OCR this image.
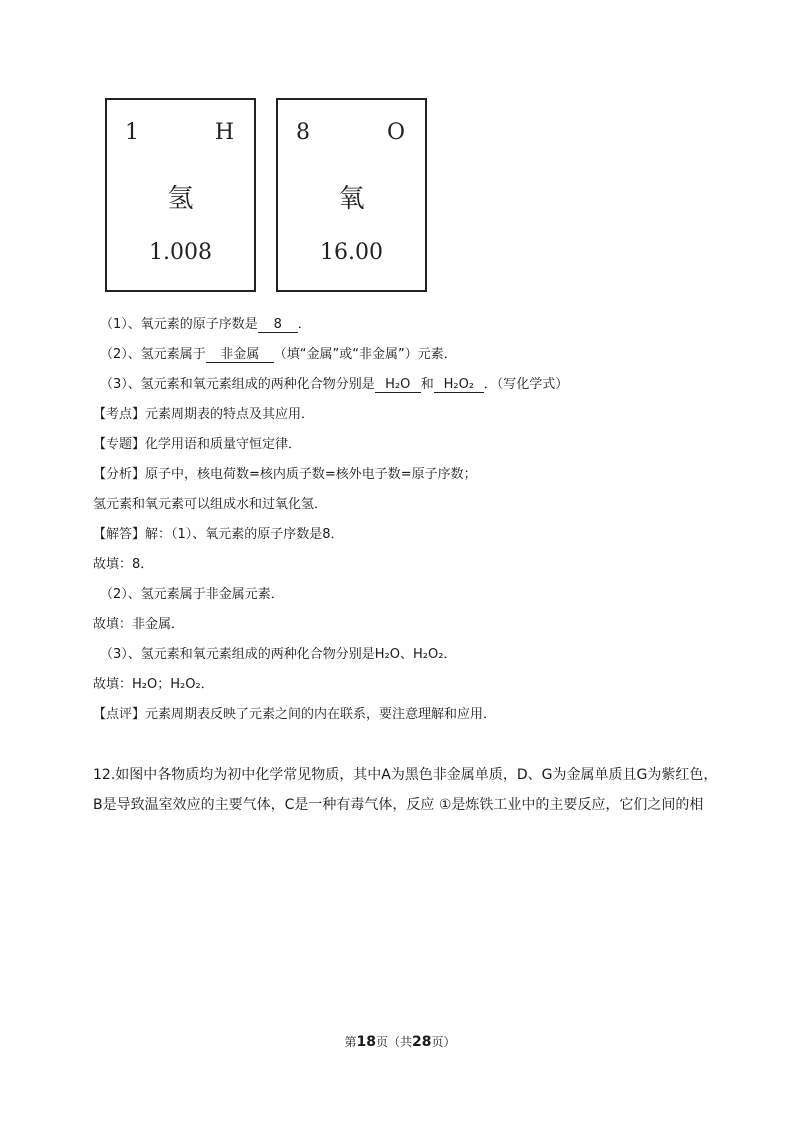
1	H
氢
1.008
8	O
氧
16.00
（1）、氧元素的原子序数是 8 ．
（2）、氢元素属于 非金属 （填“金属”或“非金属”）元素．
（3）、氢元素和氧元素组成的两种化合物分别是 H₂O 和 H₂O₂ ．（写化学式）
【考点】元素周期表的特点及其应用．
【专题】化学用语和质量守恒定律．
【分析】原子中，核电荷数=核内质子数=核外电子数=原子序数；
氢元素和氧元素可以组成水和过氧化氢．
【解答】解：（1）、氧元素的原子序数是8．
故填：8．
（2）、氢元素属于非金属元素．
故填：非金属．
（3）、氢元素和氧元素组成的两种化合物分别是H₂O、H₂O₂．
故填：H₂O；H₂O₂．
【点评】元素周期表反映了元素之间的内在联系，要注意理解和应用．
12.如图中各物质均为初中化学常见物质，其中A为黑色非金属单质，D、G为金属单质且G为紫红色，
B是导致温室效应的主要气体，C是一种有毒气体，反应 ①是炼铁工业中的主要反应，它们之间的相
第18页（共28页）
